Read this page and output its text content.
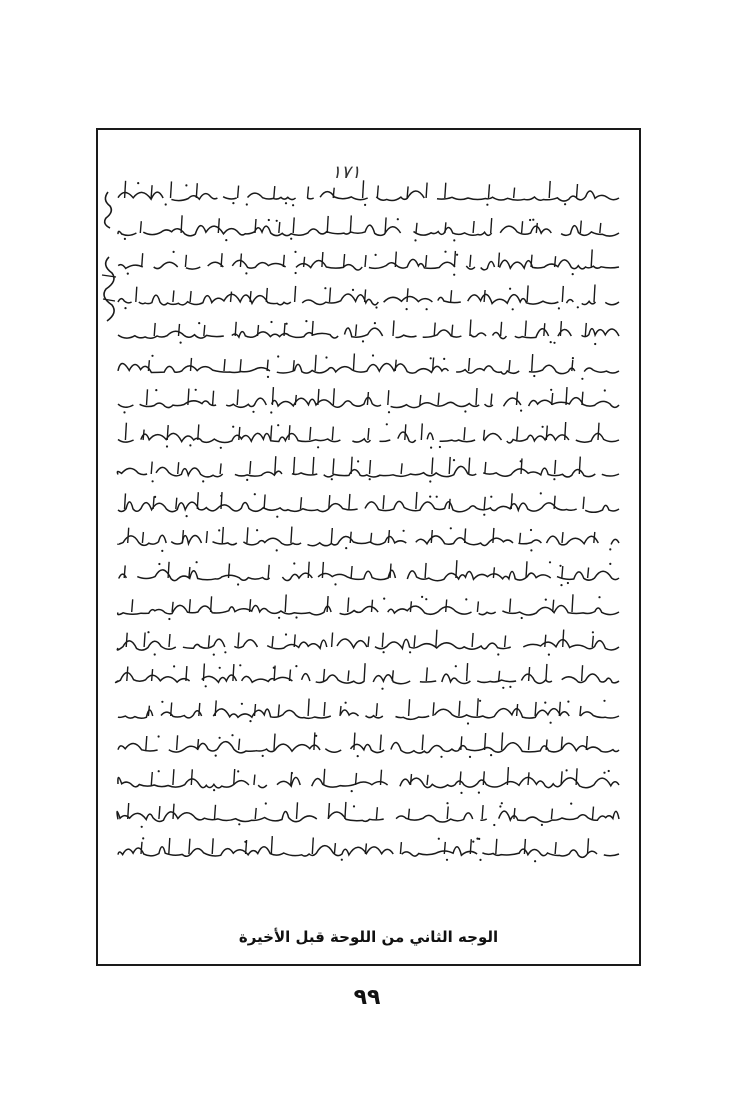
١٧١
الوجه الثاني من اللوحة قبل الأخيرة
٩٩
